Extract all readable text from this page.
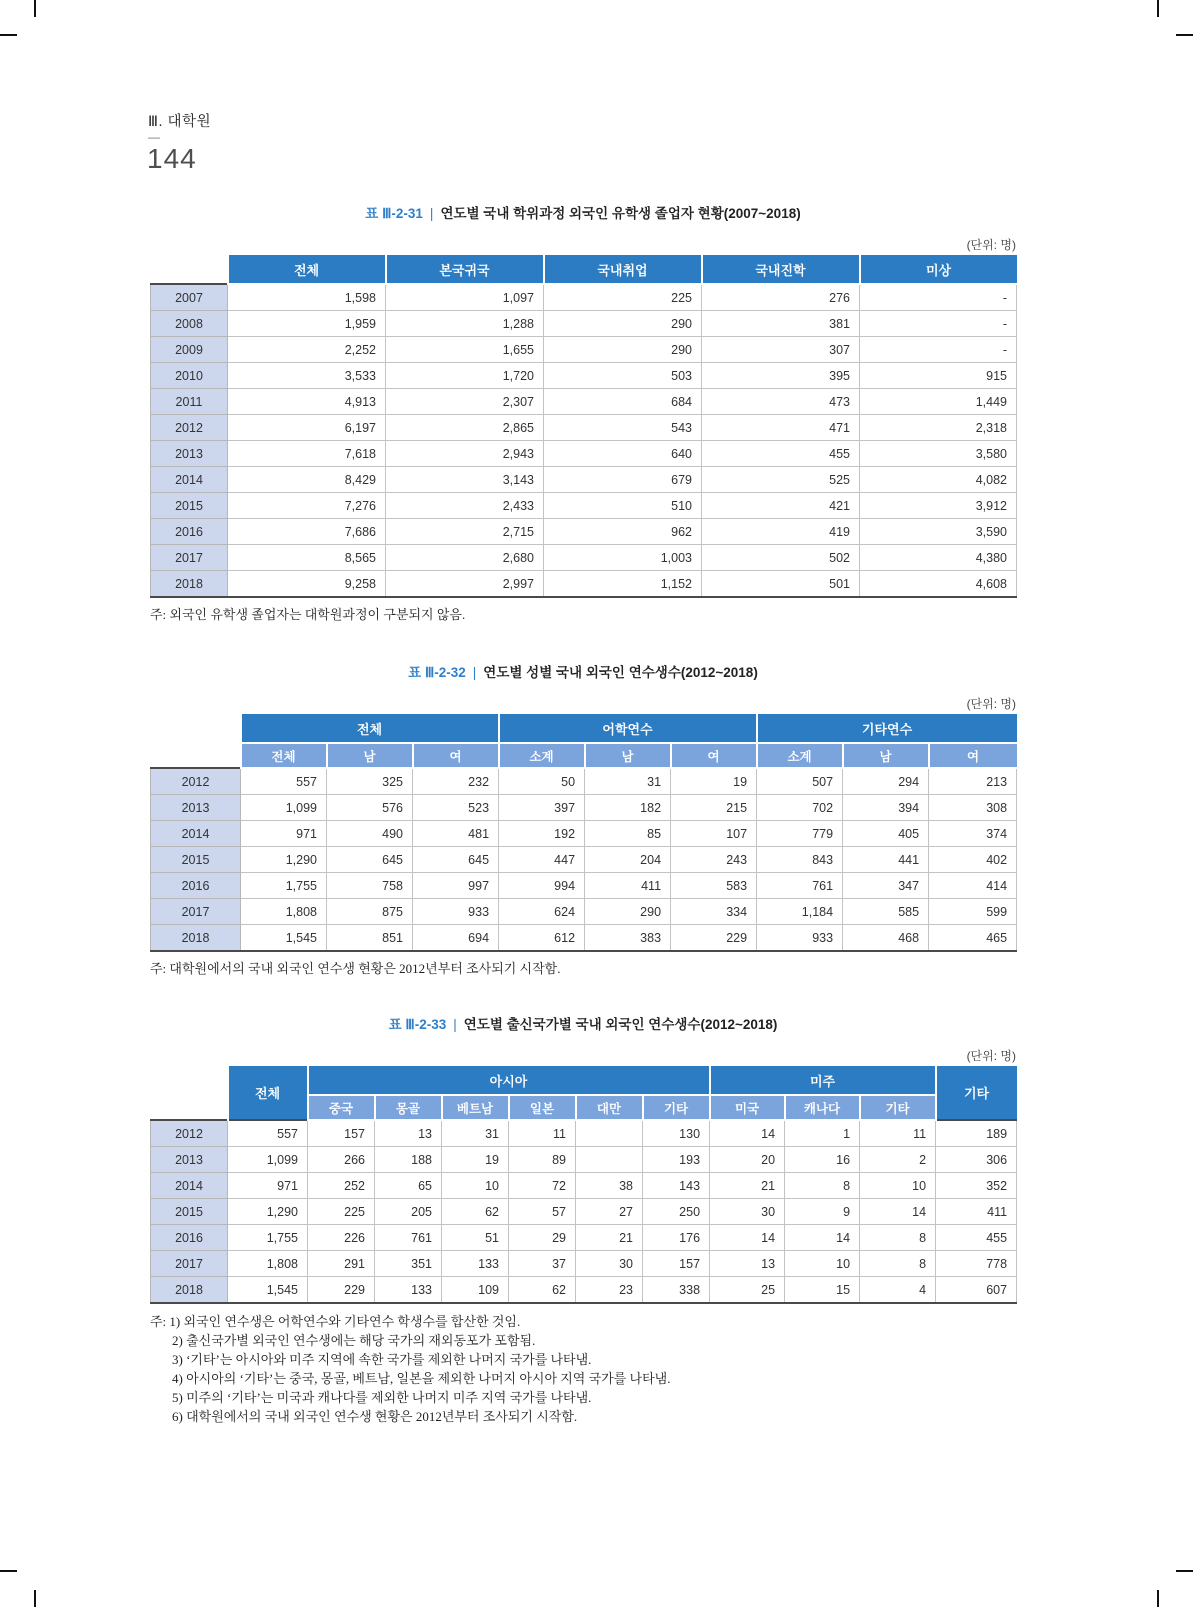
Ⅲ. 대학원
—
144
표 Ⅲ-2-31 | 연도별 국내 학위과정 외국인 유학생 졸업자 현황(2007~2018)
(단위: 명)
	전체	본국귀국	국내취업	국내진학	미상
2007	1,598	1,097	225	276	-
2008	1,959	1,288	290	381	-
2009	2,252	1,655	290	307	-
2010	3,533	1,720	503	395	915
2011	4,913	2,307	684	473	1,449
2012	6,197	2,865	543	471	2,318
2013	7,618	2,943	640	455	3,580
2014	8,429	3,143	679	525	4,082
2015	7,276	2,433	510	421	3,912
2016	7,686	2,715	962	419	3,590
2017	8,565	2,680	1,003	502	4,380
2018	9,258	2,997	1,152	501	4,608
주: 외국인 유학생 졸업자는 대학원과정이 구분되지 않음.
표 Ⅲ-2-32 | 연도별 성별 국내 외국인 연수생수(2012~2018)
(단위: 명)
	전체			어학연수			기타연수		
	전체	남	여	소계	남	여	소계	남	여
2012	557	325	232	50	31	19	507	294	213
2013	1,099	576	523	397	182	215	702	394	308
2014	971	490	481	192	85	107	779	405	374
2015	1,290	645	645	447	204	243	843	441	402
2016	1,755	758	997	994	411	583	761	347	414
2017	1,808	875	933	624	290	334	1,184	585	599
2018	1,545	851	694	612	383	229	933	468	465
주: 대학원에서의 국내 외국인 연수생 현황은 2012년부터 조사되기 시작함.
표 Ⅲ-2-33 | 연도별 출신국가별 국내 외국인 연수생수(2012~2018)
(단위: 명)
	전체	아시아						미주			기타
		중국	몽골	베트남	일본	대만	기타	미국	캐나다	기타	
2012	557	157	13	31	11		130	14	1	11	189
2013	1,099	266	188	19	89		193	20	16	2	306
2014	971	252	65	10	72	38	143	21	8	10	352
2015	1,290	225	205	62	57	27	250	30	9	14	411
2016	1,755	226	761	51	29	21	176	14	14	8	455
2017	1,808	291	351	133	37	30	157	13	10	8	778
2018	1,545	229	133	109	62	23	338	25	15	4	607
주: 1) 외국인 연수생은 어학연수와 기타연수 학생수를 합산한 것임.
2) 출신국가별 외국인 연수생에는 해당 국가의 재외동포가 포함됨.
3) ‘기타’는 아시아와 미주 지역에 속한 국가를 제외한 나머지 국가를 나타냄.
4) 아시아의 ‘기타’는 중국, 몽골, 베트남, 일본을 제외한 나머지 아시아 지역 국가를 나타냄.
5) 미주의 ‘기타’는 미국과 캐나다를 제외한 나머지 미주 지역 국가를 나타냄.
6) 대학원에서의 국내 외국인 연수생 현황은 2012년부터 조사되기 시작함.
